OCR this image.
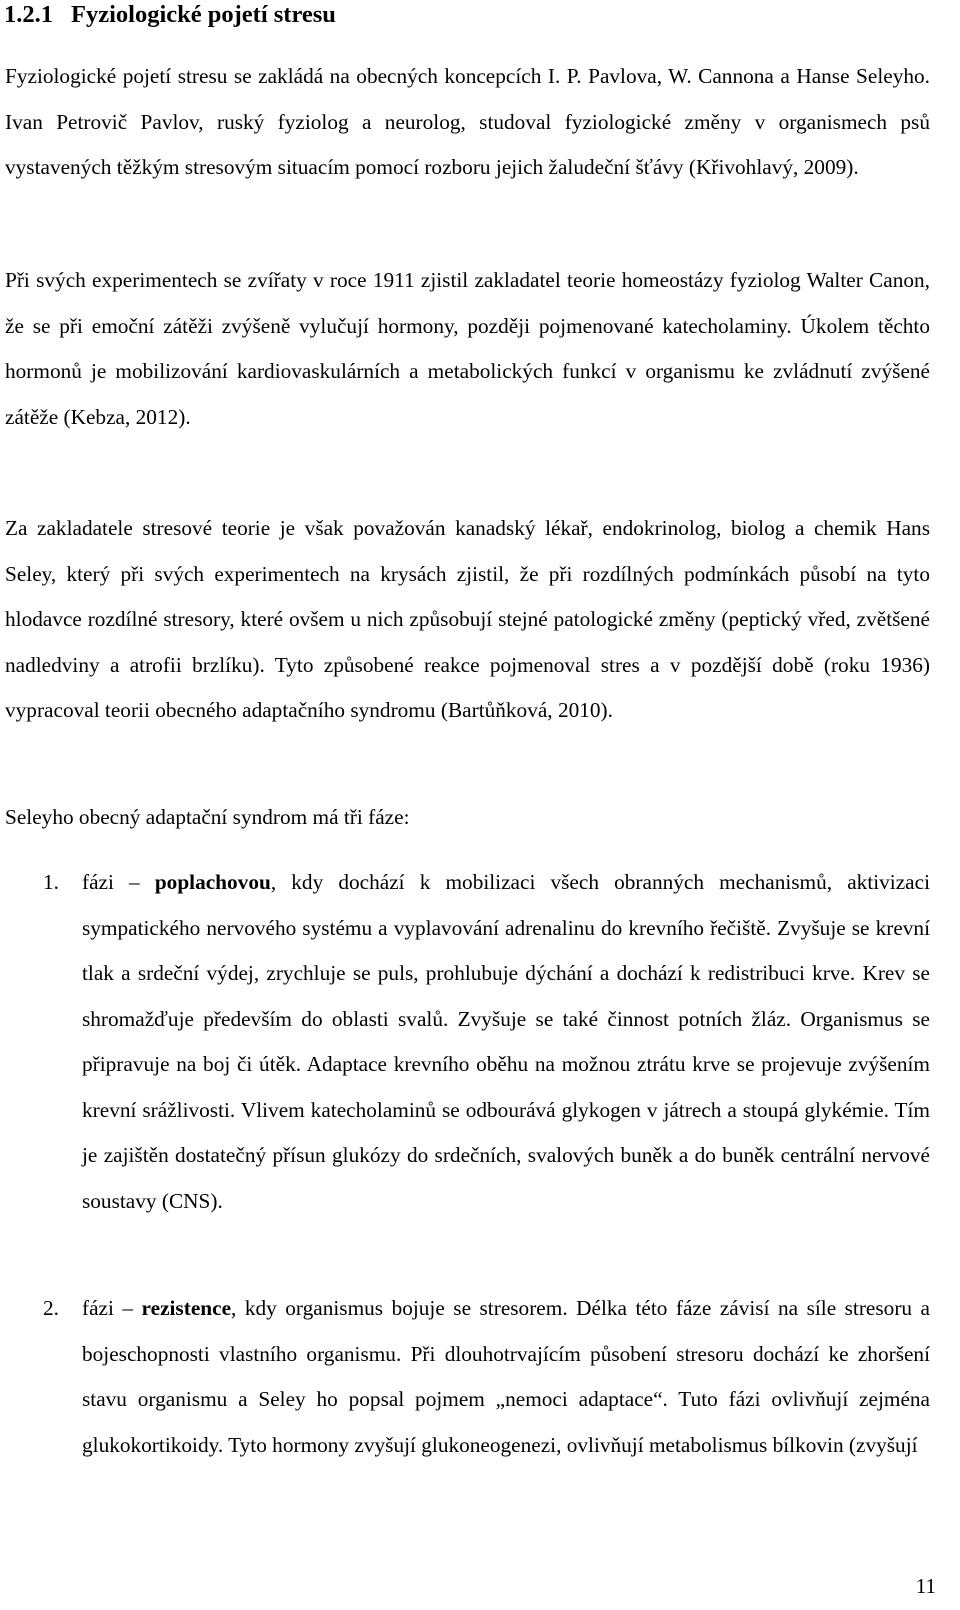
1.2.1 Fyziologické pojetí stresu

Fyziologické pojetí stresu se zakládá na obecných koncepcích I. P. Pavlova, W. Cannona a Hanse Seleyho. Ivan Petrovič Pavlov, ruský fyziolog a neurolog, studoval fyziologické změny v organismech psů vystavených těžkým stresovým situacím pomocí rozboru jejich žaludeční šťávy (Křivohlavý, 2009).

Při svých experimentech se zvířaty v roce 1911 zjistil zakladatel teorie homeostázy fyziolog Walter Canon, že se při emoční zátěži zvýšeně vylučují hormony, později pojmenované katecholaminy. Úkolem těchto hormonů je mobilizování kardiovaskulárních a metabolických funkcí v organismu ke zvládnutí zvýšené zátěže (Kebza, 2012).

Za zakladatele stresové teorie je však považován kanadský lékař, endokrinolog, biolog a chemik Hans Seley, který při svých experimentech na krysách zjistil, že při rozdílných podmínkách působí na tyto hlodavce rozdílné stresory, které ovšem u nich způsobují stejné patologické změny (peptický vřed, zvětšené nadledviny a atrofii brzlíku). Tyto způsobené reakce pojmenoval stres a v pozdější době (roku 1936) vypracoval teorii obecného adaptačního syndromu (Bartůňková, 2010).

Seleyho obecný adaptační syndrom má tři fáze:

1. fázi – poplachovou, kdy dochází k mobilizaci všech obranných mechanismů, aktivizaci sympatického nervového systému a vyplavování adrenalinu do krevního řečiště. Zvyšuje se krevní tlak a srdeční výdej, zrychluje se puls, prohlubuje dýchání a dochází k redistribuci krve. Krev se shromažďuje především do oblasti svalů. Zvyšuje se také činnost potních žláz. Organismus se připravuje na boj či útěk. Adaptace krevního oběhu na možnou ztrátu krve se projevuje zvýšením krevní srážlivosti. Vlivem katecholaminů se odbourává glykogen v játrech a stoupá glykémie. Tím je zajištěn dostatečný přísun glukózy do srdečních, svalových buněk a do buněk centrální nervové soustavy (CNS).
2. fázi – rezistence, kdy organismus bojuje se stresorem. Délka této fáze závisí na síle stresoru a bojeschopnosti vlastního organismu. Při dlouhotrvajícím působení stresoru dochází ke zhoršení stavu organismu a Seley ho popsal pojmem „nemoci adaptace“. Tuto fázi ovlivňují zejména glukokortikoidy. Tyto hormony zvyšují glukoneogenezi, ovlivňují metabolismus bílkovin (zvyšují
11
